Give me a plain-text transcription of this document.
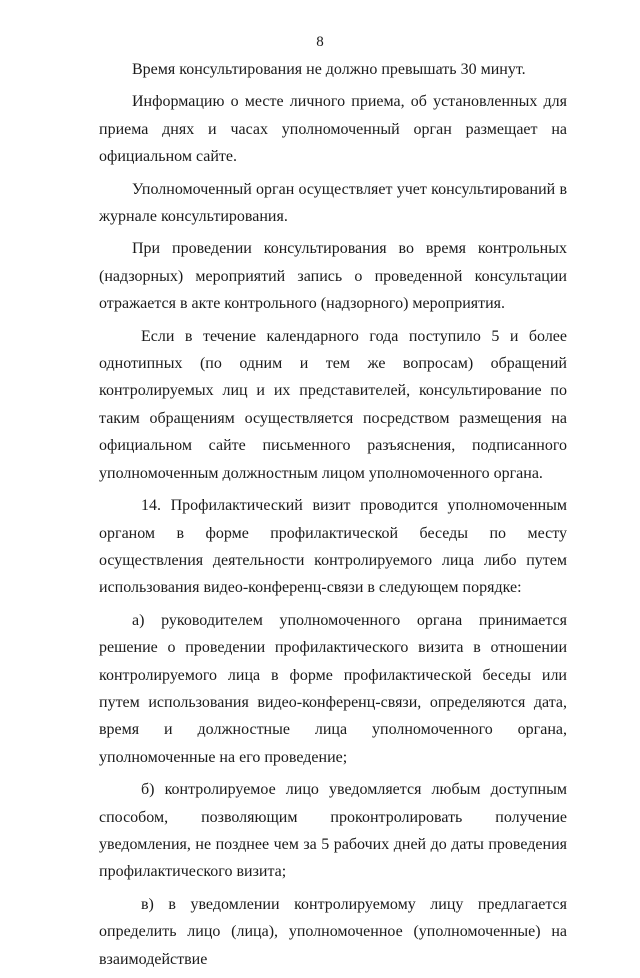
8

Время консультирования не должно превышать 30 минут.

Информацию о месте личного приема, об установленных для приема днях и часах уполномоченный орган размещает на официальном сайте.

Уполномоченный орган осуществляет учет консультирований в журнале консультирования.

При проведении консультирования во время контрольных (надзорных) мероприятий запись о проведенной консультации отражается в акте контрольного (надзорного) мероприятия.

Если в течение календарного года поступило 5 и более однотипных (по одним и тем же вопросам) обращений контролируемых лиц и их представителей, консультирование по таким обращениям осуществляется посредством размещения на официальном сайте письменного разъяснения, подписанного уполномоченным должностным лицом уполномоченного органа.

14. Профилактический визит проводится уполномоченным органом в форме профилактической беседы по месту осуществления деятельности контролируемого лица либо путем использования видео-конференц-связи в следующем порядке:

а) руководителем уполномоченного органа принимается решение о проведении профилактического визита в отношении контролируемого лица в форме профилактической беседы или путем использования видео-конференц-связи, определяются дата, время и должностные лица уполномоченного органа, уполномоченные на его проведение;

б) контролируемое лицо уведомляется любым доступным способом, позволяющим проконтролировать получение уведомления, не позднее чем за 5 рабочих дней до даты проведения профилактического визита;

в) в уведомлении контролируемому лицу предлагается определить лицо (лица), уполномоченное (уполномоченные) на взаимодействие
